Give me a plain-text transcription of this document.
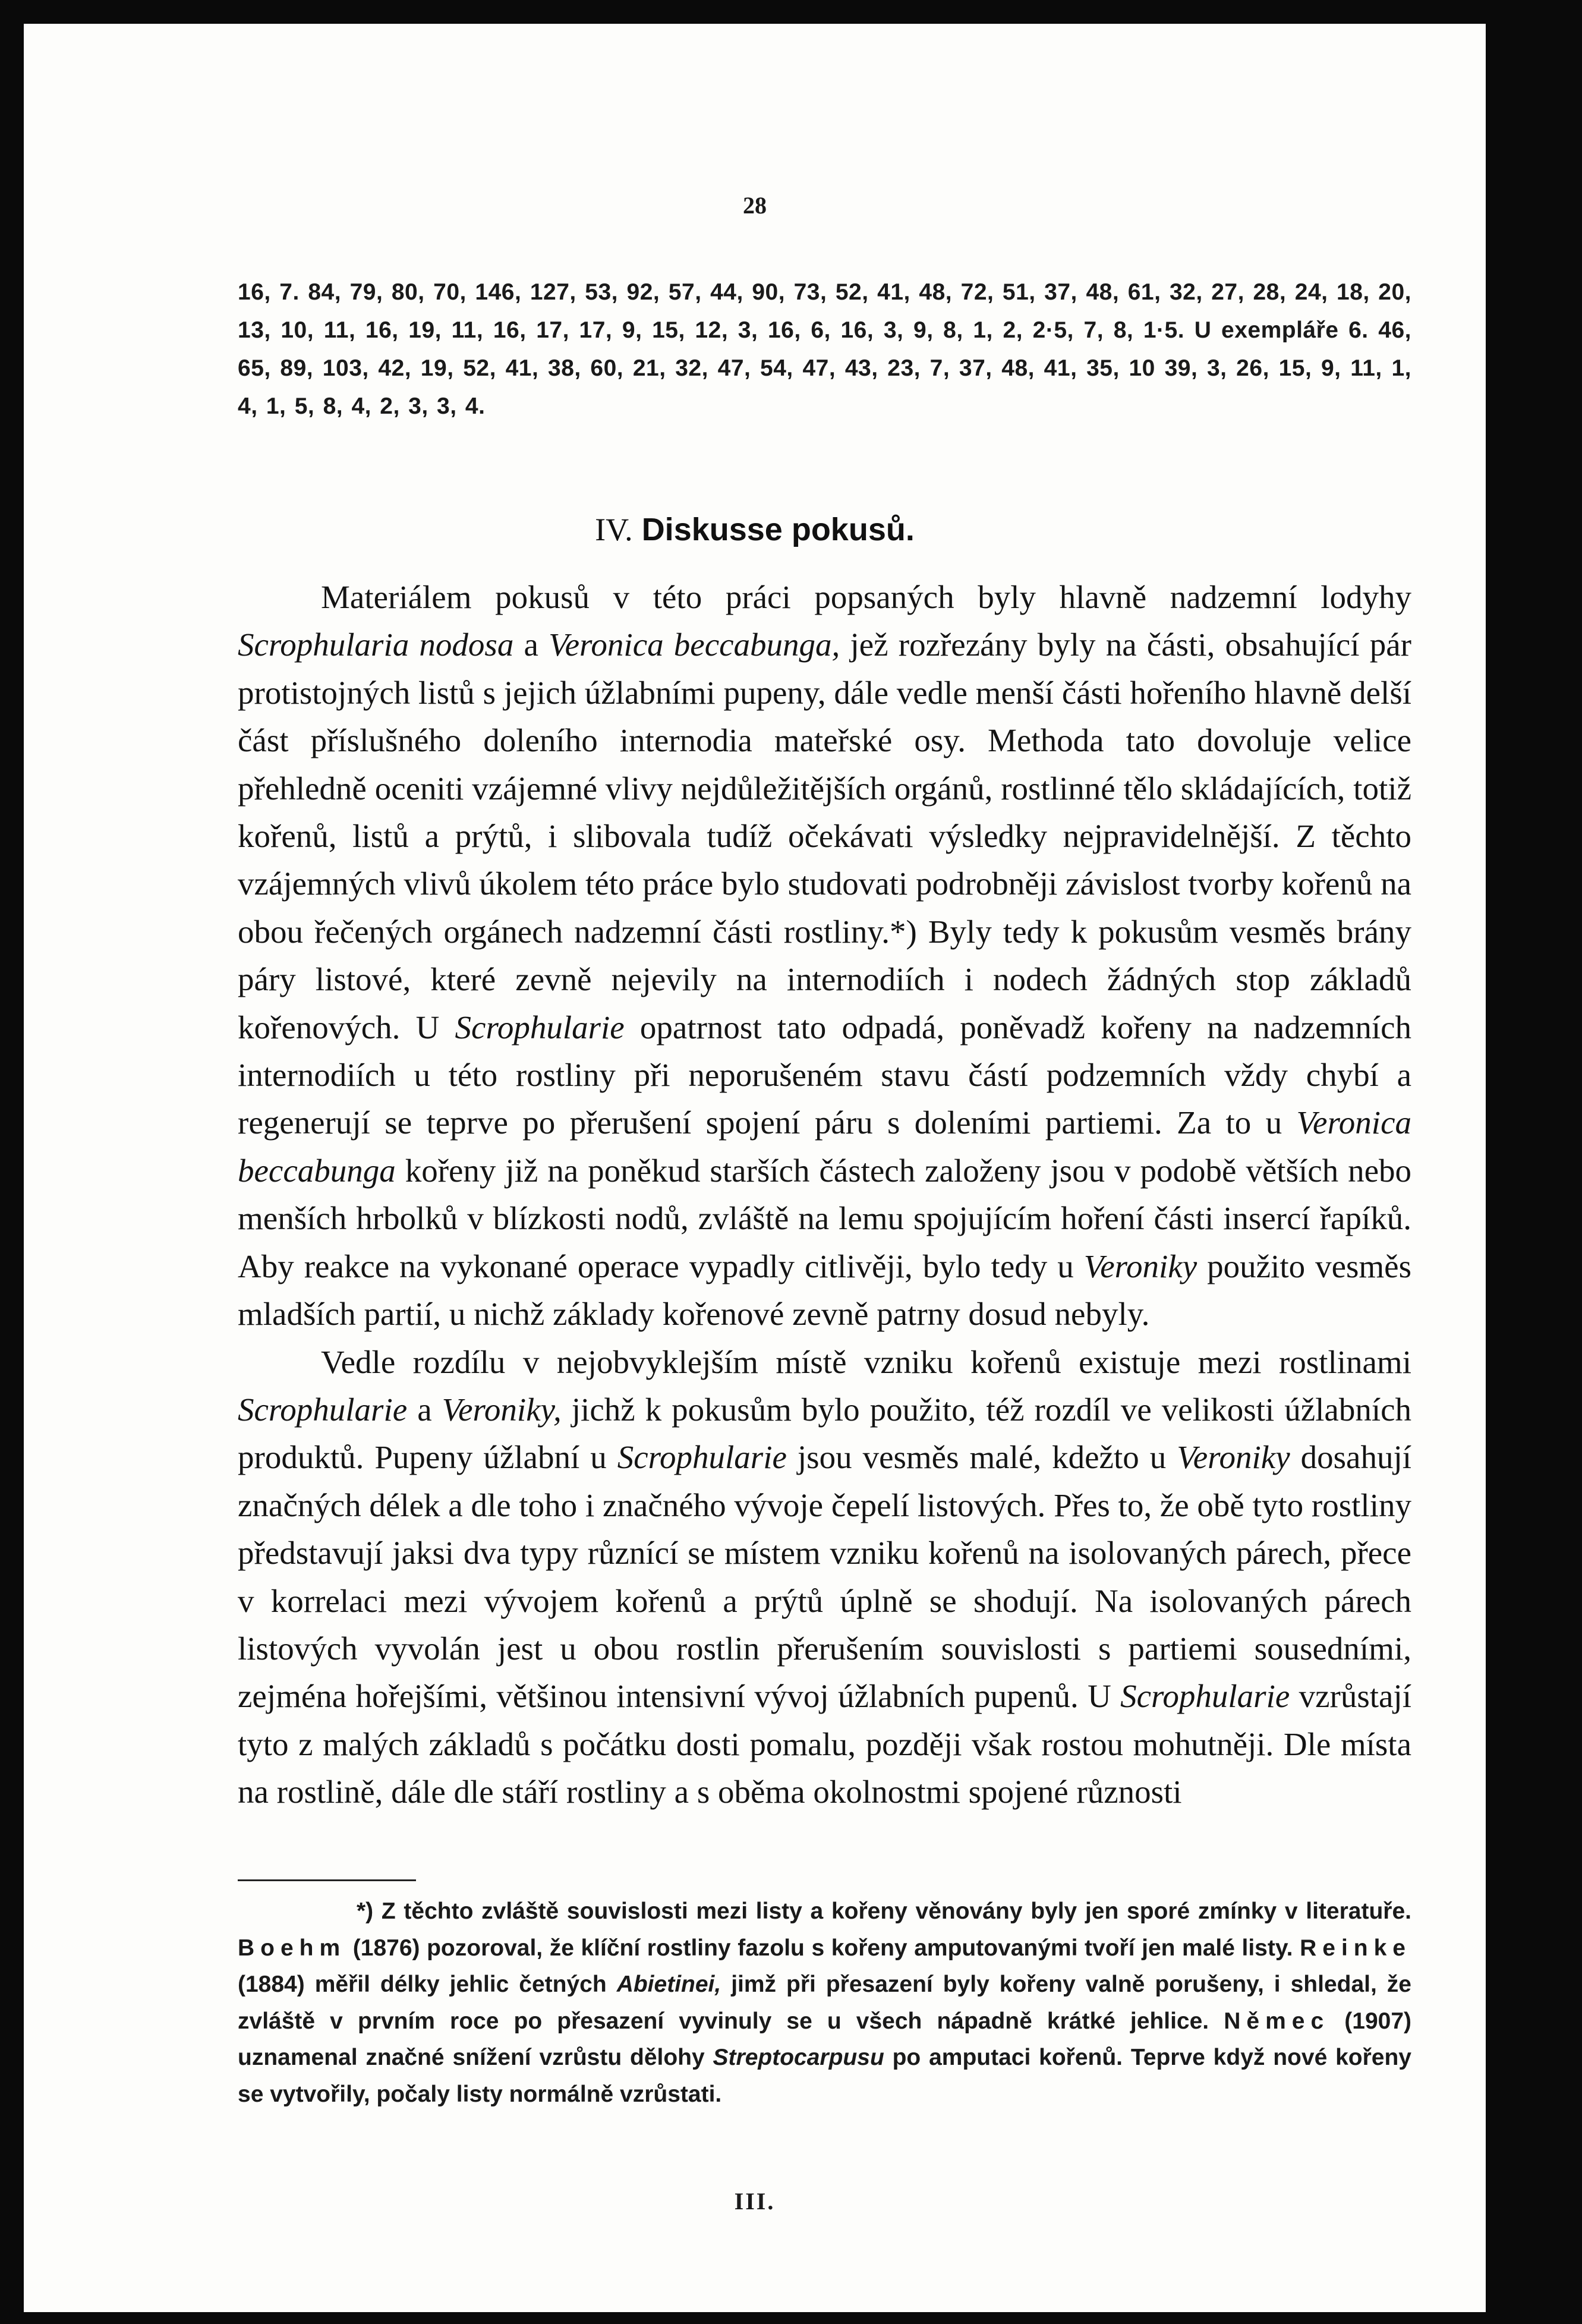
28
16, 7. 84, 79, 80, 70, 146, 127, 53, 92, 57, 44, 90, 73, 52, 41, 48, 72, 51, 37, 48, 61, 32, 27, 28, 24, 18, 20, 13, 10, 11, 16, 19, 11, 16, 17, 17, 9, 15, 12, 3, 16, 6, 16, 3, 9, 8, 1, 2, 2·5, 7, 8, 1·5. U exempláře 6. 46, 65, 89, 103, 42, 19, 52, 41, 38, 60, 21, 32, 47, 54, 47, 43, 23, 7, 37, 48, 41, 35, 10 39, 3, 26, 15, 9, 11, 1, 4, 1, 5, 8, 4, 2, 3, 3, 4.
IV. Diskusse pokusů.

Materiálem pokusů v této práci popsaných byly hlavně nadzemní lodyhy Scrophularia nodosa a Veronica beccabunga, jež rozřezány byly na části, obsahující pár protistojných listů s jejich úžlabními pupeny, dále vedle menší části hořeního hlavně delší část příslušného doleního internodia mateřské osy. Methoda tato dovoluje velice přehledně oceniti vzájemné vlivy nejdůležitějších orgánů, rostlinné tělo skládajících, totiž kořenů, listů a prýtů, i slibovala tudíž očekávati výsledky nejpravidelnější. Z těchto vzájemných vlivů úkolem této práce bylo studovati podrobněji závislost tvorby kořenů na obou řečených orgánech nadzemní části rostliny.*) Byly tedy k pokusům vesměs brány páry listové, které zevně nejevily na internodiích i nodech žádných stop základů kořenových. U Scrophularie opatrnost tato odpadá, poněvadž kořeny na nadzemních internodiích u této rostliny při neporušeném stavu částí podzemních vždy chybí a regenerují se teprve po přerušení spojení páru s doleními partiemi. Za to u Veronica beccabunga kořeny již na poněkud starších částech založeny jsou v podobě větších nebo menších hrbolků v blízkosti nodů, zvláště na lemu spojujícím hoření části insercí řapíků. Aby reakce na vykonané operace vypadly citlivěji, bylo tedy u Veroniky použito vesměs mladších partií, u nichž základy kořenové zevně patrny dosud nebyly.

Vedle rozdílu v nejobvyklejším místě vzniku kořenů existuje mezi rostlinami Scrophularie a Veroniky, jichž k pokusům bylo použito, též rozdíl ve velikosti úžlabních produktů. Pupeny úžlabní u Scrophularie jsou vesměs malé, kdežto u Veroniky dosahují značných délek a dle toho i značného vývoje čepelí listových. Přes to, že obě tyto rostliny představují jaksi dva typy různící se místem vzniku kořenů na isolovaných párech, přece v korrelaci mezi vývojem kořenů a prýtů úplně se shodují. Na isolovaných párech listových vyvolán jest u obou rostlin přerušením souvislosti s partiemi sousedními, zejména hořejšími, většinou intensivní vývoj úžlabních pupenů. U Scrophularie vzrůstají tyto z malých základů s počátku dosti pomalu, později však rostou mohutněji. Dle místa na rostlině, dále dle stáří rostliny a s oběma okolnostmi spojené různosti

*) Z těchto zvláště souvislosti mezi listy a kořeny věnovány byly jen sporé zmínky v literatuře. Boehm (1876) pozoroval, že klíční rostliny fazolu s kořeny amputovanými tvoří jen malé listy. Reinke (1884) měřil délky jehlic četných Abietinei, jimž při přesazení byly kořeny valně porušeny, i shledal, že zvláště v prvním roce po přesazení vyvinuly se u všech nápadně krátké jehlice. Němec (1907) uznamenal značné snížení vzrůstu dělohy Streptocarpusu po amputaci kořenů. Teprve když nové kořeny se vytvořily, počaly listy normálně vzrůstati.

III.
